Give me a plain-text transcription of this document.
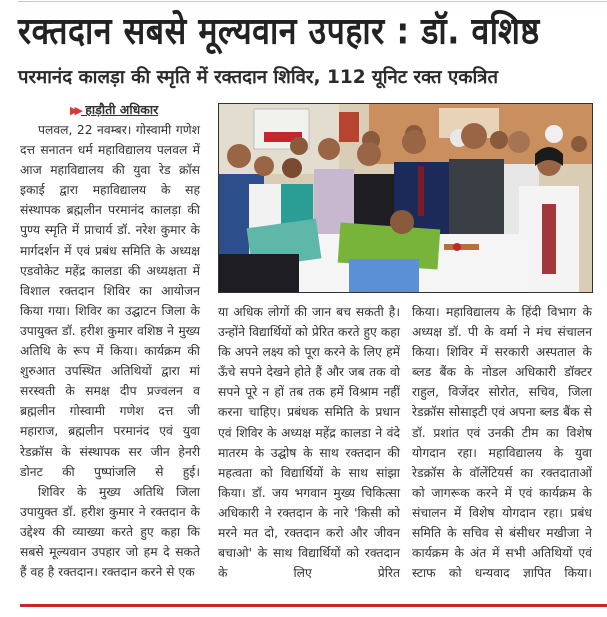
रक्तदान सबसे मूल्यवान उपहार : डॉ. वशिष्ठ
परमानंद कालड़ा की स्मृति में रक्तदान शिविर, 112 यूनिट रक्त एकत्रित
▶▶ हाड़ौती अधिकार

पलवल, 22 नवम्बर। गोस्वामी गणेश दत्त सनातन धर्म महाविद्यालय पलवल में आज महाविद्यालय की युवा रेड क्रॉस इकाई द्वारा महाविद्यालय के सह संस्थापक ब्रह्मलीन परमानंद कालड़ा की पुण्य स्मृति में प्राचार्य डॉ. नरेश कुमार के मार्गदर्शन में एवं प्रबंध समिति के अध्यक्ष एडवोकेट महेंद्र कालडा की अध्यक्षता में विशाल रक्तदान शिविर का आयोजन किया गया। शिविर का उद्घाटन जिला के उपायुक्त डॉ. हरीश कुमार वशिष्ठ ने मुख्य अतिथि के रूप में किया। कार्यक्रम की शुरुआत उपस्थित अतिथियों द्वारा मां सरस्वती के समक्ष दीप प्रज्वलन व ब्रह्मलीन गोस्वामी गणेश दत्त जी महाराज, ब्रह्मलीन परमानंद एवं युवा रेडक्रॉस के संस्थापक सर जीन हेनरी डोनट की पुष्पांजलि से हुई।

शिविर के मुख्य अतिथि जिला उपायुक्त डॉ. हरीश कुमार ने रक्तदान के उद्देश्य की व्याख्या करते हुए कहा कि सबसे मूल्यवान उपहार जो हम दे सकते हैं वह है रक्तदान। रक्तदान करने से एक

या अधिक लोगों की जान बच सकती है। उन्होंने विद्यार्थियों को प्रेरित करते हुए कहा कि अपने लक्ष्य को पूरा करने के लिए हमें ऊँचे सपने देखने होते हैं और जब तक वो सपने पूरे न हों तब तक हमें विश्राम नहीं करना चाहिए। प्रबंधक समिति के प्रधान एवं शिविर के अध्यक्ष महेंद्र कालडा ने वंदे मातरम के उद्घोष के साथ रक्तदान की महत्वता को विद्यार्थियों के साथ सांझा किया। डॉ. जय भगवान मुख्य चिकित्सा अधिकारी ने रक्तदान के नारे 'किसी को मरने मत दो, रक्तदान करो और जीवन बचाओ' के साथ विद्यार्थियों को रक्तदान के लिए प्रेरित

किया। महाविद्यालय के हिंदी विभाग के अध्यक्ष डॉ. पी के वर्मा ने मंच संचालन किया। शिविर में सरकारी अस्पताल के ब्लड बैंक के नोडल अधिकारी डॉक्टर राहुल, विजेंदर सोरोत, सचिव, जिला रेडक्रॉस सोसाइटी एवं अपना ब्लड बैंक से डॉ. प्रशांत एवं उनकी टीम का विशेष योगदान रहा। महाविद्यालय के युवा रेडक्रॉस के वॉलेंटियर्स का रक्तदाताओं को जागरूक करने में एवं कार्यक्रम के संचालन में विशेष योगदान रहा। प्रबंध समिति के सचिव से बंसीधर मखीजा ने कार्यक्रम के अंत में सभी अतिथियों एवं स्टाफ को धन्यवाद ज्ञापित किया।
